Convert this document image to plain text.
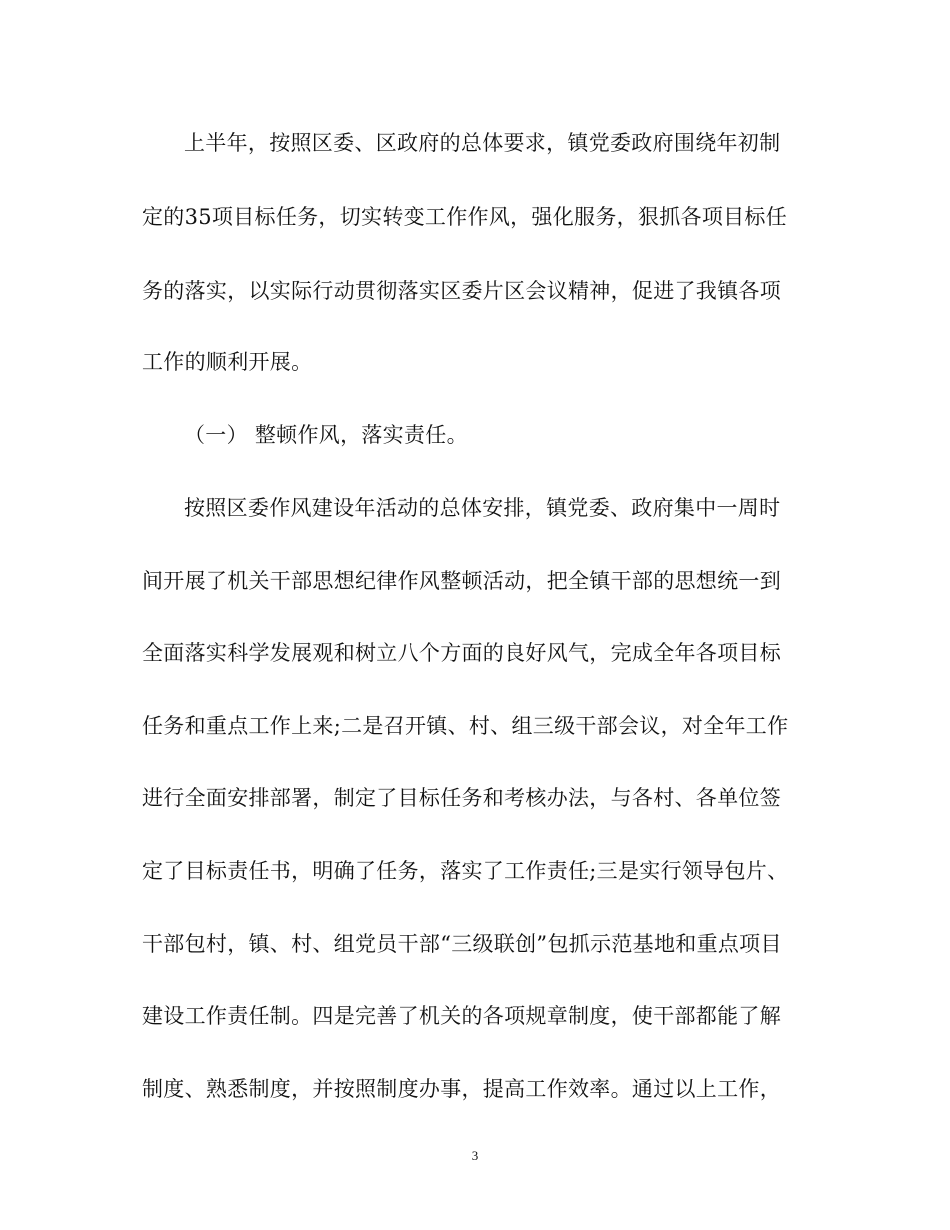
上半年，按照区委、区政府的总体要求，镇党委政府围绕年初制
定的35项目标任务，切实转变工作作风，强化服务，狠抓各项目标任
务的落实，以实际行动贯彻落实区委片区会议精神，促进了我镇各项
工作的顺利开展。
（一） 整顿作风，落实责任。
按照区委作风建设年活动的总体安排，镇党委、政府集中一周时
间开展了机关干部思想纪律作风整顿活动，把全镇干部的思想统一到
全面落实科学发展观和树立八个方面的良好风气，完成全年各项目标
任务和重点工作上来;二是召开镇、村、组三级干部会议，对全年工作
进行全面安排部署，制定了目标任务和考核办法，与各村、各单位签
定了目标责任书，明确了任务，落实了工作责任;三是实行领导包片、
干部包村，镇、村、组党员干部“三级联创”包抓示范基地和重点项目
建设工作责任制。四是完善了机关的各项规章制度，使干部都能了解
制度、熟悉制度，并按照制度办事，提高工作效率。通过以上工作，
3
